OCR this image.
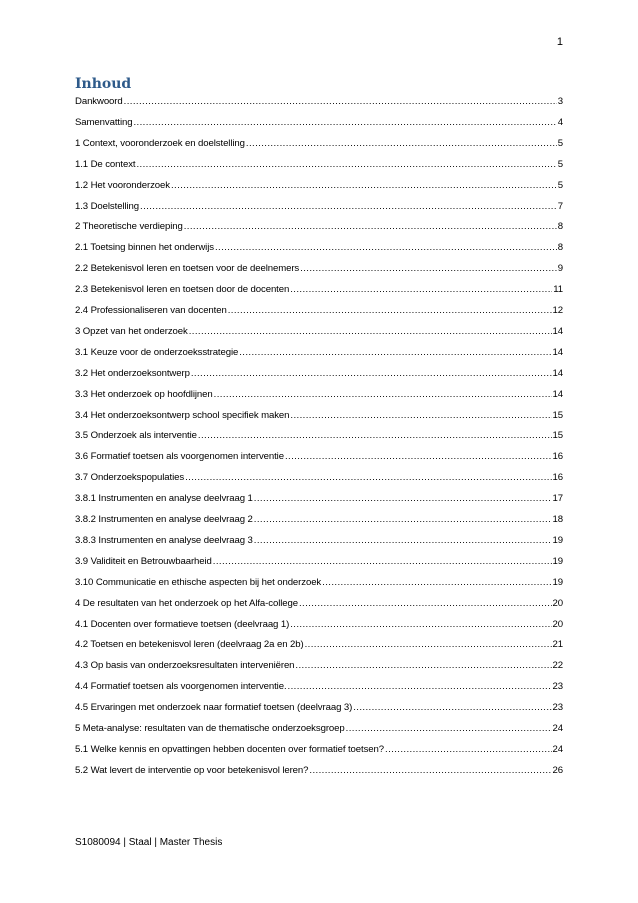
1
Inhoud
Dankwoord .....	3
Samenvatting .....	4
1 Context, vooronderzoek en doelstelling .....	5
1.1 De context .....	5
1.2 Het vooronderzoek .....	5
1.3 Doelstelling .....	7
2 Theoretische verdieping .....	8
2.1 Toetsing binnen het onderwijs .....	8
2.2 Betekenisvol leren en toetsen voor de deelnemers .....	9
2.3 Betekenisvol leren en toetsen door de docenten .....	11
2.4 Professionaliseren van docenten .....	12
3 Opzet van het onderzoek .....	14
3.1 Keuze voor de onderzoeksstrategie .....	14
3.2 Het onderzoeksontwerp .....	14
3.3 Het onderzoek op hoofdlijnen .....	14
3.4 Het onderzoeksontwerp school specifiek maken .....	15
3.5 Onderzoek als interventie .....	15
3.6 Formatief toetsen als voorgenomen interventie .....	16
3.7 Onderzoekspopulaties .....	16
3.8.1 Instrumenten en analyse deelvraag 1 .....	17
3.8.2 Instrumenten en analyse deelvraag 2 .....	18
3.8.3 Instrumenten en analyse deelvraag 3 .....	19
3.9 Validiteit en Betrouwbaarheid .....	19
3.10 Communicatie en ethische aspecten bij het onderzoek .....	19
4 De resultaten van het onderzoek op het Alfa-college .....	20
4.1 Docenten over formatieve toetsen (deelvraag 1) .....	20
4.2 Toetsen en betekenisvol leren (deelvraag 2a en 2b) .....	21
4.3 Op basis van onderzoeksresultaten interveniëren .....	22
4.4 Formatief toetsen als voorgenomen interventie. .....	23
4.5 Ervaringen met onderzoek naar formatief toetsen (deelvraag 3) .....	23
5 Meta-analyse: resultaten van de thematische onderzoeksgroep .....	24
5.1 Welke kennis en opvattingen hebben docenten over formatief toetsen? .....	24
5.2 Wat levert de interventie op voor betekenisvol leren? .....	26
S1080094 | Staal | Master Thesis
